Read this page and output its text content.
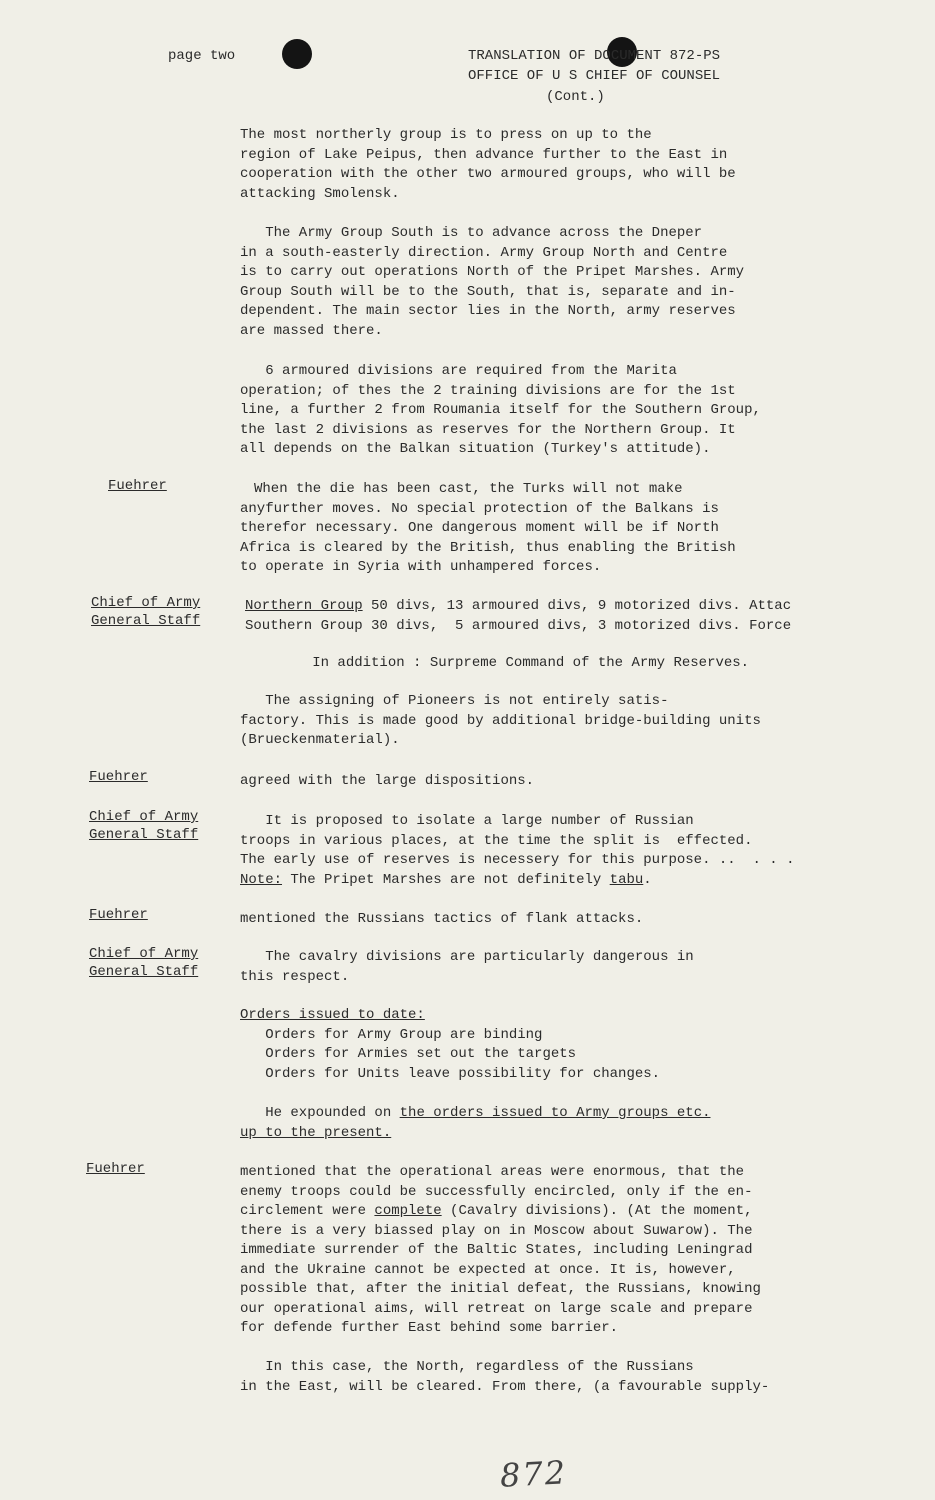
page two	TRANSLATION OF DOCUMENT 872-PS
OFFICE OF U S CHIEF OF COUNSEL
(Cont.)
The most northerly group is to press on up to the
region of Lake Peipus, then advance further to the East in
cooperation with the other two armoured groups, who will be
attacking Smolensk.
The Army Group South is to advance across the Dneper
in a south-easterly direction. Army Group North and Centre
is to carry out operations North of the Pripet Marshes. Army
Group South will be to the South, that is, separate and in-
dependent. The main sector lies in the North, army reserves
are massed there.
6 armoured divisions are required from the Marita
operation; of thes the 2 training divisions are for the 1st
line, a further 2 from Roumania itself for the Southern Group,
the last 2 divisions as reserves for the Northern Group. It
all depends on the Balkan situation (Turkey's attitude).
Fuehrer	When the die has been cast, the Turks will not make
anyfurther moves. No special protection of the Balkans is
therefor necessary. One dangerous moment will be if North
Africa is cleared by the British, thus enabling the British
to operate in Syria with unhampered forces.
Chief of Army
General Staff
Northern Group 50 divs, 13 armoured divs, 9 motorized divs. Attac
Southern Group 30 divs,  5 armoured divs, 3 motorized divs. Force
In addition : Surpreme Command of the Army Reserves.
The assigning of Pioneers is not entirely satis-
factory. This is made good by additional bridge-building units
(Brueckenmaterial).
Fuehrer	agreed with the large dispositions.
Chief of Army
General Staff
It is proposed to isolate a large number of Russian
troops in various places, at the time the split is  effected.
The early use of reserves is necessery for this purpose. ..  . . .
Note: The Pripet Marshes are not definitely tabu.
Fuehrer	mentioned the Russians tactics of flank attacks.
Chief of Army
General Staff
The cavalry divisions are particularly dangerous in
this respect.
Orders issued to date:
Orders for Army Group are binding
Orders for Armies set out the targets
Orders for Units leave possibility for changes.
He expounded on the orders issued to Army groups etc.
up to the present.
Fuehrer	mentioned that the operational areas were enormous, that the
enemy troops could be successfully encircled, only if the en-
circlement were complete (Cavalry divisions). (At the moment,
there is a very biassed play on in Moscow about Suwarow). The
immediate surrender of the Baltic States, including Leningrad
and the Ukraine cannot be expected at once. It is, however,
possible that, after the initial defeat, the Russians, knowing
our operational aims, will retreat on large scale and prepare
for defende further East behind some barrier.
In this case, the North, regardless of the Russians
in the East, will be cleared. From there, (a favourable supply-
872
